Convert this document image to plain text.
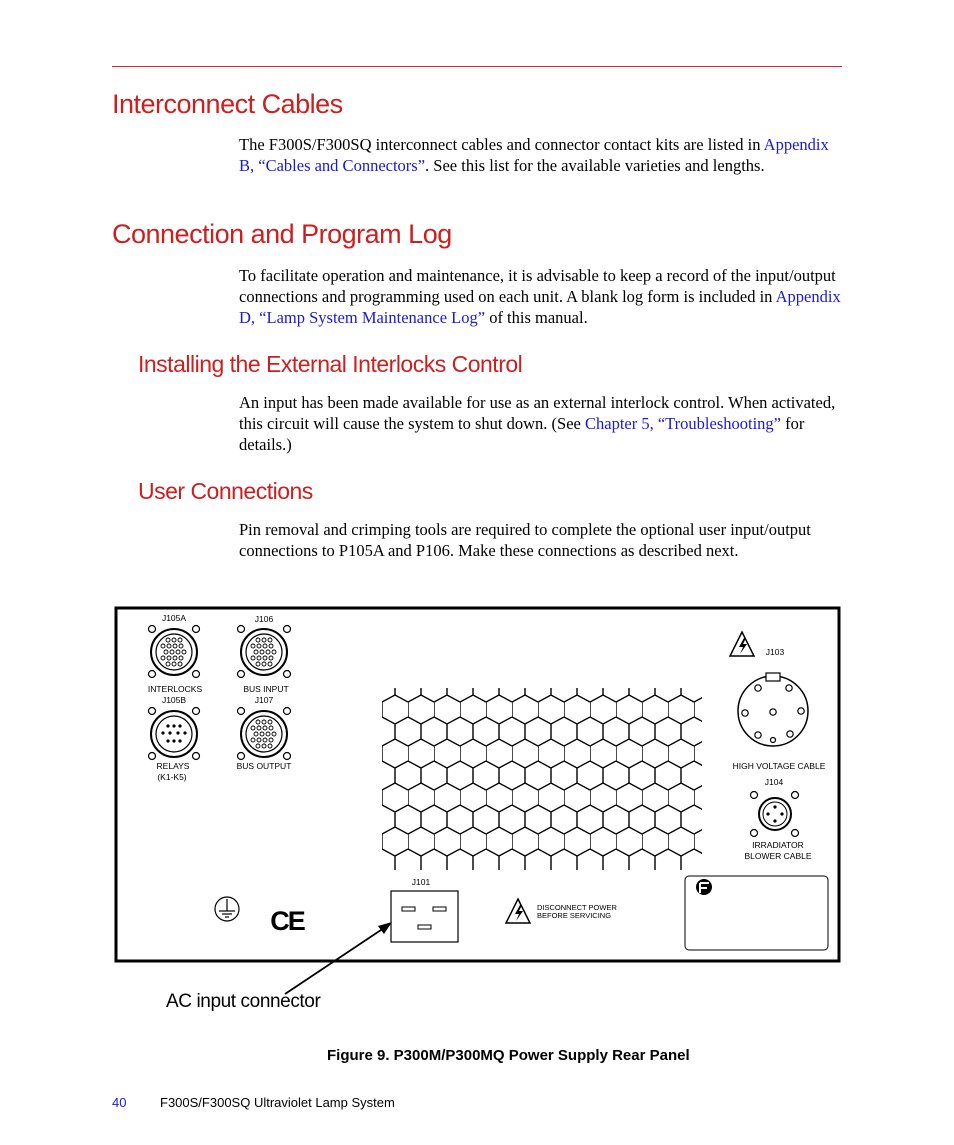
Interconnect Cables

The F300S/F300SQ interconnect cables and connector contact kits are listed in Appendix B, “Cables and Connectors”. See this list for the available varieties and lengths.

Connection and Program Log

To facilitate operation and maintenance, it is advisable to keep a record of the input/output connections and programming used on each unit. A blank log form is included in Appendix D, “Lamp System Maintenance Log” of this manual.

Installing the External Interlocks Control

An input has been made available for use as an external interlock control. When activated, this circuit will cause the system to shut down. (See Chapter 5, “Troubleshooting” for details.)

User Connections

Pin removal and crimping tools are required to complete the optional user input/output connections to P105A and P106. Make these connections as described next.

CE
J105A	J106
INTERLOCKS	BUS INPUT
J105B	J107
RELAYS
(K1-K5)
BUS OUTPUT
J103
HIGH VOLTAGE CABLE
J104
IRRADIATOR
BLOWER CABLE
J101
DISCONNECT POWER
BEFORE SERVICING
AC input connector
Figure 9. P300M/P300MQ Power Supply Rear Panel
40	F300S/F300SQ Ultraviolet Lamp System
